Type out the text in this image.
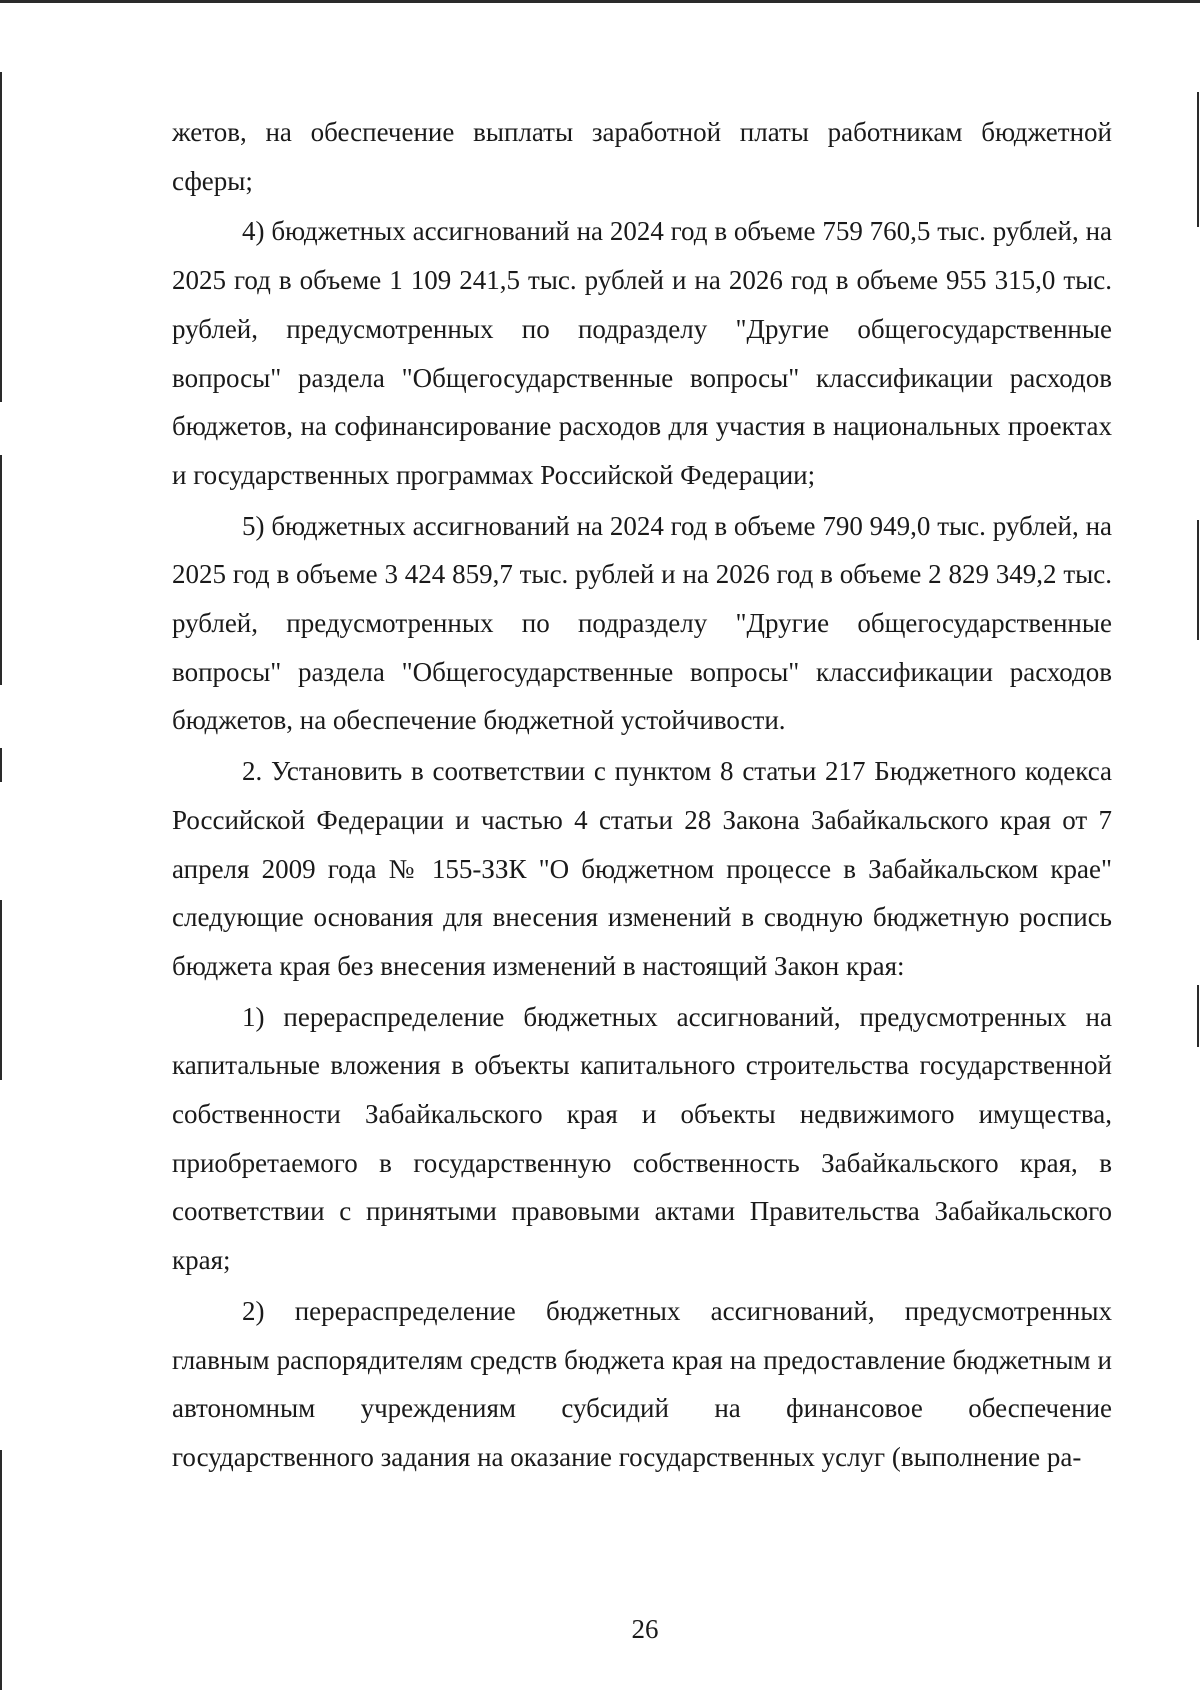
жетов, на обеспечение выплаты заработной платы работникам бюджетной сферы;

4) бюджетных ассигнований на 2024 год в объеме 759 760,5 тыс. рублей, на 2025 год в объеме 1 109 241,5 тыс. рублей и на 2026 год в объеме 955 315,0 тыс. рублей, предусмотренных по подразделу "Другие общегосударственные вопросы" раздела "Общегосударственные вопросы" классификации расходов бюджетов, на софинансирование расходов для участия в национальных проектах и государственных программах Российской Федерации;

5) бюджетных ассигнований на 2024 год в объеме 790 949,0 тыс. рублей, на 2025 год в объеме 3 424 859,7 тыс. рублей и на 2026 год в объеме 2 829 349,2 тыс. рублей, предусмотренных по подразделу "Другие общегосударственные вопросы" раздела "Общегосударственные вопросы" классификации расходов бюджетов, на обеспечение бюджетной устойчивости.

2. Установить в соответствии с пунктом 8 статьи 217 Бюджетного кодекса Российской Федерации и частью 4 статьи 28 Закона Забайкальского края от 7 апреля 2009 года № 155-ЗЗК "О бюджетном процессе в Забайкальском крае" следующие основания для внесения изменений в сводную бюджетную роспись бюджета края без внесения изменений в настоящий Закон края:

1) перераспределение бюджетных ассигнований, предусмотренных на капитальные вложения в объекты капитального строительства государственной собственности Забайкальского края и объекты недвижимого имущества, приобретаемого в государственную собственность Забайкальского края, в соответствии с принятыми правовыми актами Правительства Забайкальского края;

2) перераспределение бюджетных ассигнований, предусмотренных главным распорядителям средств бюджета края на предоставление бюджетным и автономным учреждениям субсидий на финансовое обеспечение государственного задания на оказание государственных услуг (выполнение ра-

26
